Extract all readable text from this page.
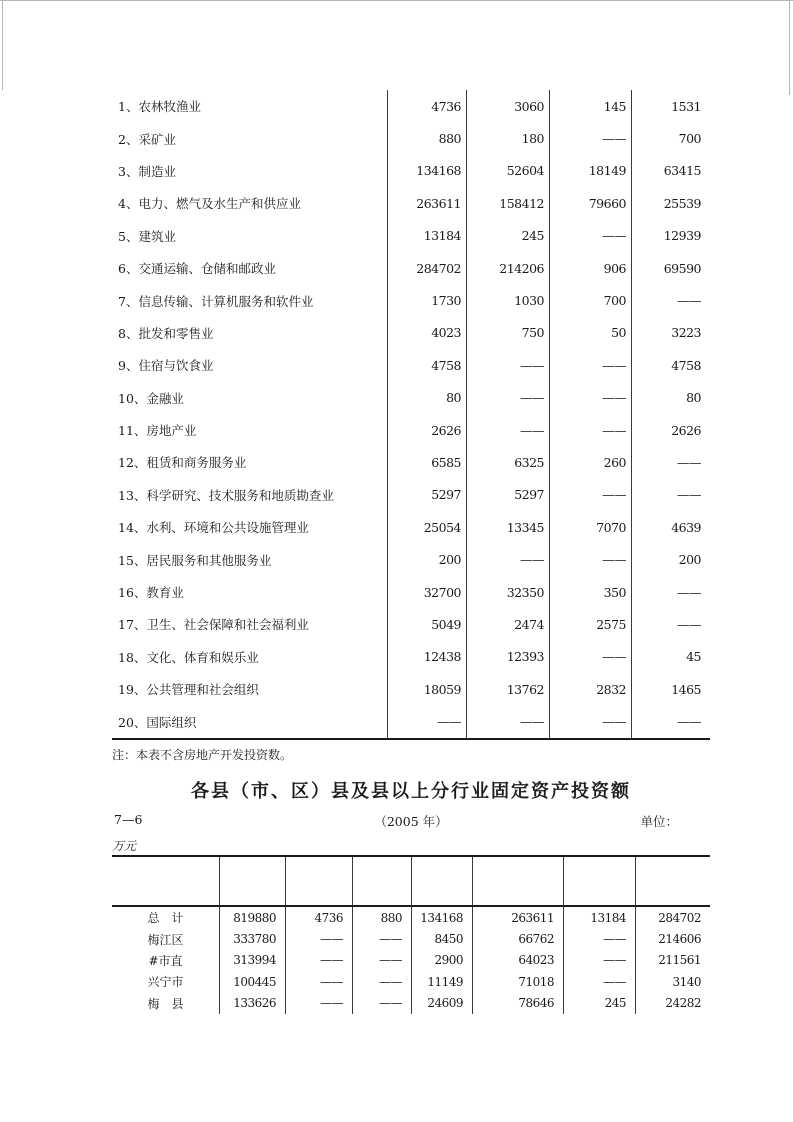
1、农林牧渔业	4736	3060	145	1531
2、采矿业	880	180	——	700
3、制造业	134168	52604	18149	63415
4、电力、燃气及水生产和供应业	263611	158412	79660	25539
5、建筑业	13184	245	——	12939
6、交通运输、仓储和邮政业	284702	214206	906	69590
7、信息传输、计算机服务和软件业	1730	1030	700	——
8、批发和零售业	4023	750	50	3223
9、住宿与饮食业	4758	——	——	4758
10、金融业	80	——	——	80
11、房地产业	2626	——	——	2626
12、租赁和商务服务业	6585	6325	260	——
13、科学研究、技术服务和地质勘查业	5297	5297	——	——
14、水利、环境和公共设施管理业	25054	13345	7070	4639
15、居民服务和其他服务业	200	——	——	200
16、教育业	32700	32350	350	——
17、卫生、社会保障和社会福利业	5049	2474	2575	——
18、文化、体育和娱乐业	12438	12393	——	45
19、公共管理和社会组织	18059	13762	2832	1465
20、国际组织	——	——	——	——
注：本表不含房地产开发投资数。
各县（市、区）县及县以上分行业固定资产投资额
7—6	（2005 年）	单位：
万元
总　计	819880	4736	880	134168	263611	13184	284702
梅江区	333780	——	——	8450	66762	——	214606
#市直	313994	——	——	2900	64023	——	211561
兴宁市	100445	——	——	11149	71018	——	3140
梅　县	133626	——	——	24609	78646	245	24282
